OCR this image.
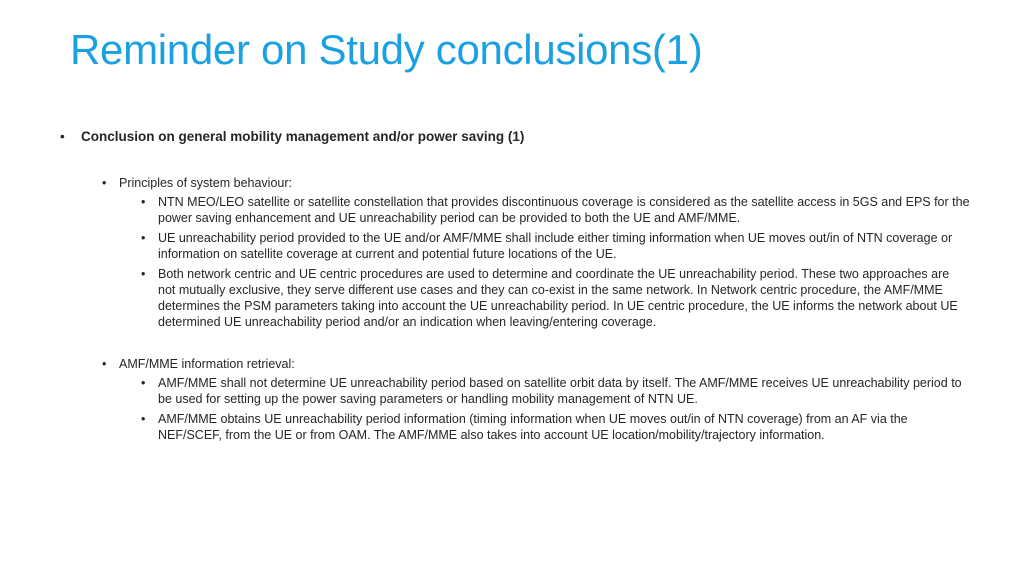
Reminder on Study conclusions(1)
• Conclusion on general mobility management and/or power saving (1)
• Principles of system behaviour:
• NTN MEO/LEO satellite or satellite constellation that provides discontinuous coverage is considered as the satellite access in 5GS and EPS for the power saving enhancement and UE unreachability period can be provided to both the UE and AMF/MME.
• UE unreachability period provided to the UE and/or AMF/MME shall include either timing information when UE moves out/in of NTN coverage or information on satellite coverage at current and potential future locations of the UE.
• Both network centric and UE centric procedures are used to determine and coordinate the UE unreachability period. These two approaches are not mutually exclusive, they serve different use cases and they can co-exist in the same network. In Network centric procedure, the AMF/MME determines the PSM parameters taking into account the UE unreachability period. In UE centric procedure, the UE informs the network about UE determined UE unreachability period and/or an indication when leaving/entering coverage.
• AMF/MME information retrieval:
• AMF/MME shall not determine UE unreachability period based on satellite orbit data by itself. The AMF/MME receives UE unreachability period to be used for setting up the power saving parameters or handling mobility management of NTN UE.
• AMF/MME obtains UE unreachability period information (timing information when UE moves out/in of NTN coverage) from an AF via the NEF/SCEF, from the UE or from OAM. The AMF/MME also takes into account UE location/mobility/trajectory information.
